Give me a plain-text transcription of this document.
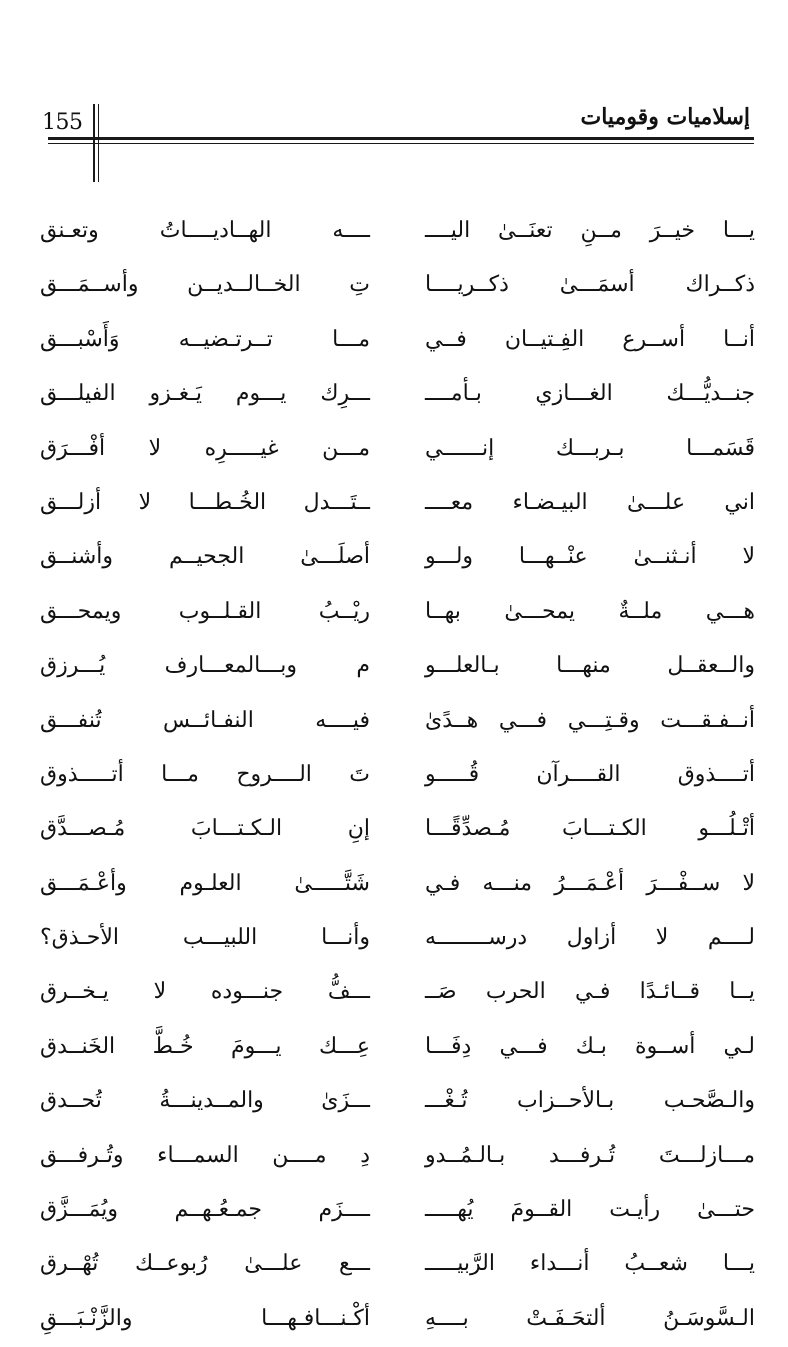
155	إسلاميات وقوميات
يـــا خيــرَ مــنِ تعنَــىٰ اليــــ
ــــه الهــاديــــاتُ وتعـنق
ذكــراك أسمَـــىٰ ذكــريــــا
تِ الخــالــديــن وأســمَـــق
أنــا أســرع الفِـتيــان فــي
مـــا تــرتـضيــه وَأَسْبـــق
جنــديُّـــك الغـــازي بـأمــــ
ـــرِك يـــوم يَـغـزو الفيلـــق
قَسَمـــا بـربـــك إنــــــي
مـــن غيـــــرِه لا أفْـــرَق
اني علـــىٰ البيـضـاء معــــ
ــتَـــدل الخُـطـــا لا أزلـــق
لا أنـثنــىٰ عنْــهـــا ولـــو
أصلَـــىٰ الجحيــم وأشنــق
هـــي ملــةٌ يمحـــىٰ بهــا
ريْــبُ القـلــوب ويمحـــق
والــعقــل منهـــا بـالعلـــو
م وبـــالمعـــارف يُـــرزق
أنــفـقـــت وقـتِـــي فـــي هــدًىٰ
فيــــه النفـائــس تُنفـــق
أتــــذوق القــــرآن قُـــــو
تَ الــــروح مـــا أتـــــذوق
أتْـلُـــو الكـتـــابَ مُـصدِّقًـــا
إنِ الـكـتـــابَ مُـصـــدَّق
لا ســفْـــرَ أعْـمَـــرُ منـــه فـي
شَتَّـــــىٰ العلـوم وأعْـمَـــق
لــــم لا أزاول درســــــــه
وأنـــا اللبيـــب الأحـذق؟
يــا قــائـدًا فـي الحرب صَــ
ـــفُّ جنـــوده لا يـخــرق
لـي أســوة بـك فـــي دِفَـــا
عِـــك يـــومَ خُـطَّ الخَنــدق
والـصَّحـب بـالأحــزاب تُـغْـــ
ـــزَىٰ والمــدينـــةُ تُحــدق
مـــازلـــتَ تُـرفـــد بـالـمُــدو
دِ مــــن السمـــاء وتُـرفـــق
حتـــىٰ رأيـت القــومَ يُهـــــ
ــــزَم جمـعُـهــم ويُمَـــزَّق
يـــا شعــبُ أنـــداء الرَّبيـــــ
ـــع علـــىٰ رُبوعــك تُهْــرق
الـسَّوسَـنُ ألتحَـفَـتْ بــــهِ
أكْـنـــافـهـــا والزَّنْـبَـــقِ
